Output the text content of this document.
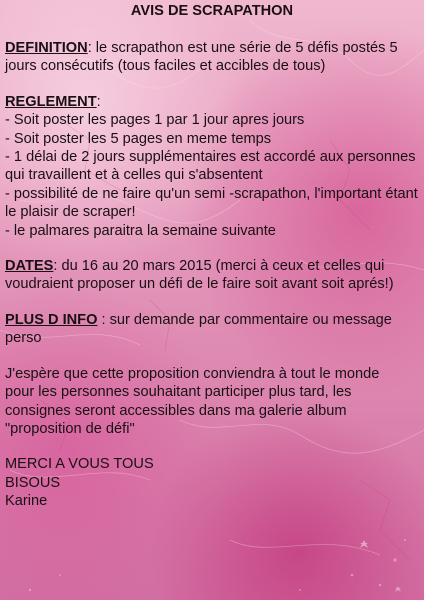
AVIS DE SCRAPATHON

DEFINITION: le scrapathon est une série de 5 défis postés 5 jours consécutifs (tous faciles et accibles de tous)

REGLEMENT:

- Soit poster les pages 1 par 1 jour apres jours

- Soit poster les 5 pages en meme temps

- 1 délai de 2 jours supplémentaires est accordé aux personnes qui travaillent et à celles qui s'absentent

- possibilité de ne faire qu'un semi -scrapathon, l'important étant le plaisir de scraper!

- le palmares paraitra la semaine suivante

DATES: du 16 au 20 mars 2015 (merci à ceux et celles qui voudraient proposer un défi de le faire soit avant soit aprés!)

PLUS D INFO : sur demande par commentaire ou message perso

J'espère que cette proposition conviendra à tout le monde

pour les personnes souhaitant participer plus tard, les consignes seront accessibles dans ma galerie album "proposition de défi"

MERCI A VOUS TOUS

BISOUS

Karine
